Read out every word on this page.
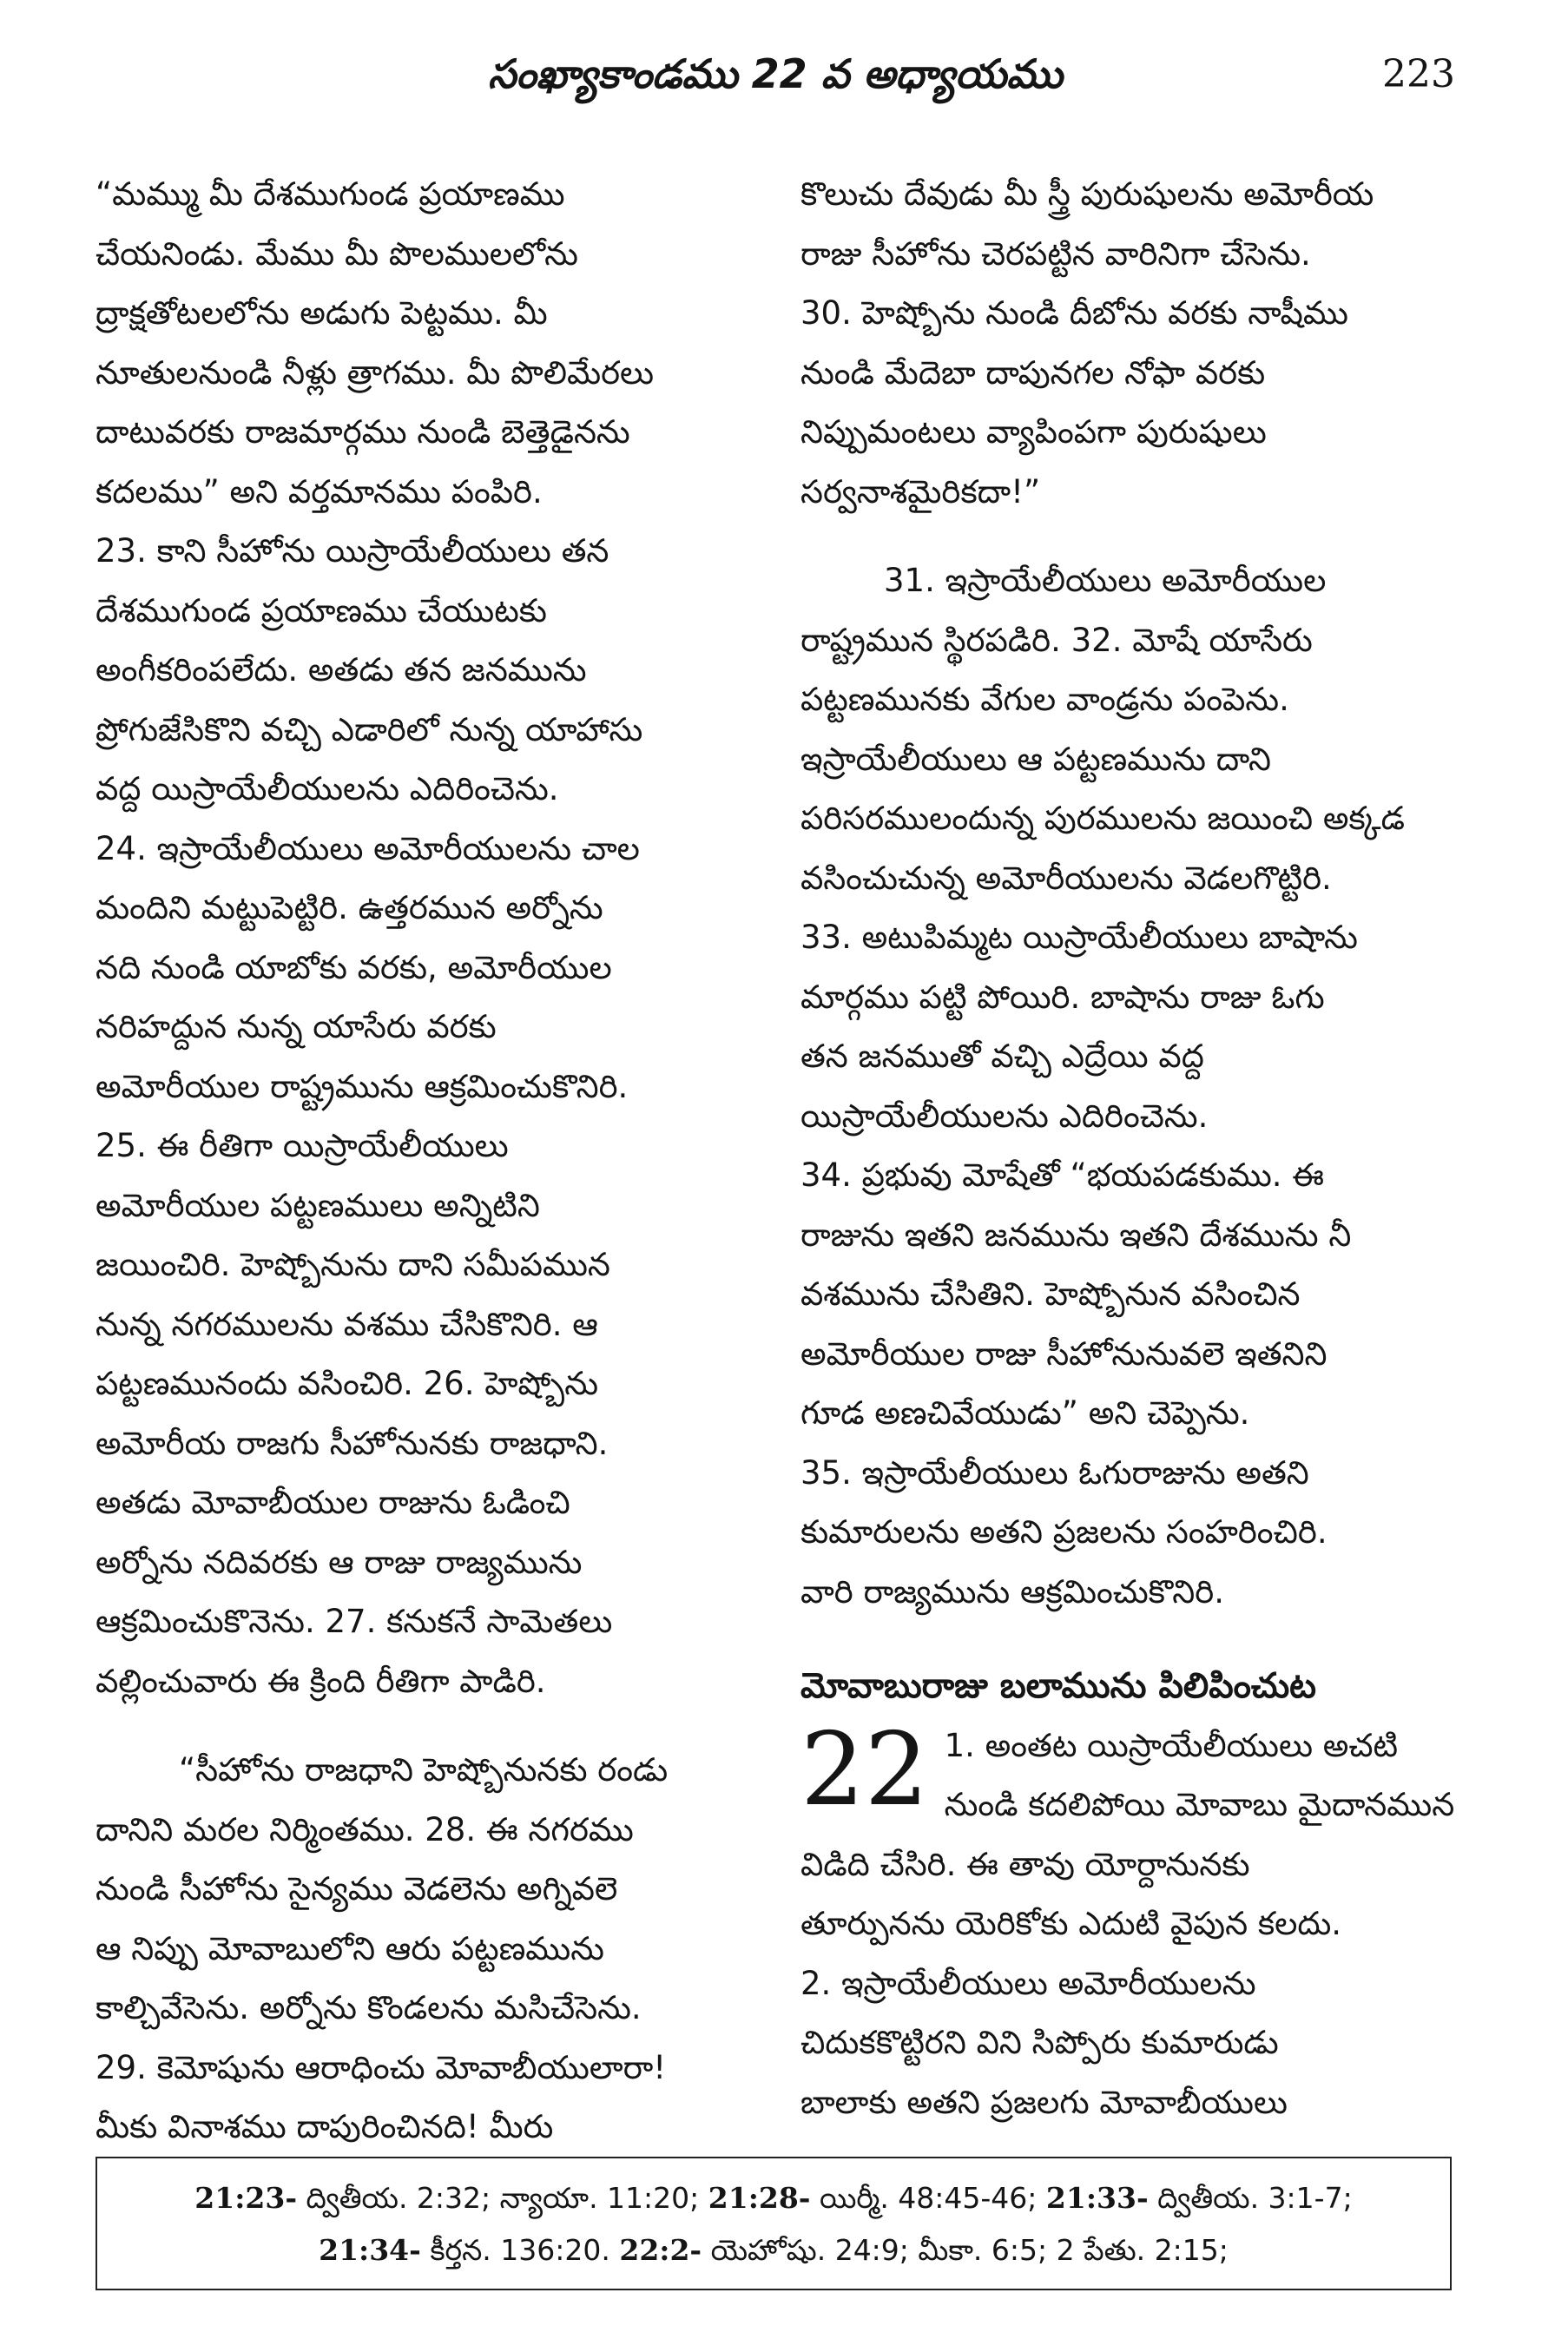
సంఖ్యాకాండము 22 వ అధ్యాయము	223

“మమ్ము మీ దేశముగుండ ప్రయాణము
చేయనిండు. మేము మీ పొలములలోను
ద్రాక్షతోటలలోను అడుగు పెట్టము. మీ
నూతులనుండి నీళ్లు త్రాగము. మీ పొలిమేరలు
దాటువరకు రాజమార్గము నుండి బెత్తెడైనను
కదలము” అని వర్తమానము పంపిరి.
23. కాని సీహోను యిస్రాయేలీయులు తన
దేశముగుండ ప్రయాణము చేయుటకు
అంగీకరింపలేదు. అతడు తన జనమును
ప్రోగుజేసికొని వచ్చి ఎడారిలో నున్న యాహాసు
వద్ద యిస్రాయేలీయులను ఎదిరించెను.
24. ఇస్రాయేలీయులు అమోరీయులను చాల
మందిని మట్టుపెట్టిరి. ఉత్తరమున అర్నోను
నది నుండి యాబోకు వరకు, అమోరీయుల
నరిహద్దున నున్న యాసేరు వరకు
అమోరీయుల రాష్ట్రమును ఆక్రమించుకొనిరి.
25. ఈ రీతిగా యిస్రాయేలీయులు
అమోరీయుల పట్టణములు అన్నిటిని
జయించిరి. హెష్బోనును దాని సమీపమున
నున్న నగరములను వశము చేసికొనిరి. ఆ
పట్టణమునందు వసించిరి. 26. హెష్బోను
అమోరీయ రాజగు సీహోనునకు రాజధాని.
అతడు మోవాబీయుల రాజును ఓడించి
అర్నోను నదివరకు ఆ రాజు రాజ్యమును
ఆక్రమించుకొనెను. 27. కనుకనే సామెతలు
వల్లించువారు ఈ క్రింది రీతిగా పాడిరి.

“సీహోను రాజధాని హెష్బోనునకు రండు
దానిని మరల నిర్మింతము. 28. ఈ నగరము
నుండి సీహోను సైన్యము వెడలెను అగ్నివలె
ఆ నిప్పు మోవాబులోని ఆరు పట్టణమును
కాల్చివేసెను. అర్నోను కొండలను మసిచేసెను.
29. కెమోషును ఆరాధించు మోవాబీయులారా!
మీకు వినాశము దాపురించినది! మీరు

కొలుచు దేవుడు మీ స్త్రీ పురుషులను అమోరీయ
రాజు సీహోను చెరపట్టిన వారినిగా చేసెను.
30. హెష్బోను నుండి దీబోను వరకు నాషీము
నుండి మేదెబా దాపునగల నోఫా వరకు
నిప్పుమంటలు వ్యాపింపగా పురుషులు
సర్వనాశమైరికదా!”

31. ఇస్రాయేలీయులు అమోరీయుల
రాష్ట్రమున స్థిరపడిరి. 32. మోషే యాసేరు
పట్టణమునకు వేగుల వాండ్రను పంపెను.
ఇస్రాయేలీయులు ఆ పట్టణమును దాని
పరిసరములందున్న పురములను జయించి అక్కడ
వసించుచున్న అమోరీయులను వెడలగొట్టిరి.
33. అటుపిమ్మట యిస్రాయేలీయులు బాషాను
మార్గము పట్టి పోయిరి. బాషాను రాజు ఓగు
తన జనముతో వచ్చి ఎద్రేయి వద్ద
యిస్రాయేలీయులను ఎదిరించెను.
34. ప్రభువు మోషేతో “భయపడకుము. ఈ
రాజును ఇతని జనమును ఇతని దేశమును నీ
వశమును చేసితిని. హెష్బోనున వసించిన
అమోరీయుల రాజు సీహోనునువలె ఇతనిని
గూడ అణచివేయుడు” అని చెప్పెను.
35. ఇస్రాయేలీయులు ఓగురాజును అతని
కుమారులను అతని ప్రజలను సంహరించిరి.
వారి రాజ్యమును ఆక్రమించుకొనిరి.

మోవాబురాజు బలామును పిలిపించుట
22 1. అంతట యిస్రాయేలీయులు అచటి
నుండి కదలిపోయి మోవాబు మైదానమున

విడిది చేసిరి. ఈ తావు యోర్దానునకు
తూర్పునను యెరికోకు ఎదుటి వైపున కలదు.
2. ఇస్రాయేలీయులు అమోరీయులను
చిదుకకొట్టిరని విని సిప్పోరు కుమారుడు
బాలాకు అతని ప్రజలగు మోవాబీయులు

21:23- ద్వితీయ. 2:32; న్యాయా. 11:20; 21:28- యిర్మీ. 48:45-46; 21:33- ద్వితీయ. 3:1-7;
21:34- కీర్తన. 136:20. 22:2- యెహోషు. 24:9; మీకా. 6:5; 2 పేతు. 2:15;
